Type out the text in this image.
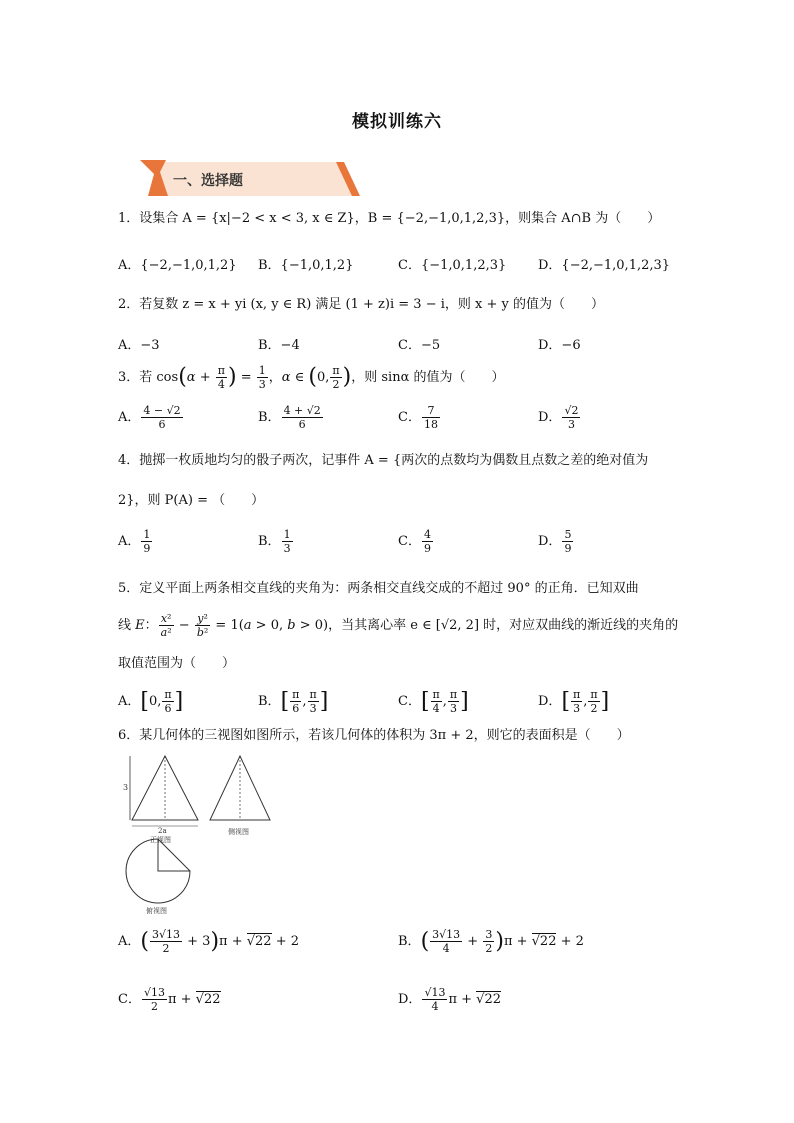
模拟训练六
一、选择题
1．设集合 A = {x|−2 < x < 3, x ∈ Z}，B = {−2,−1,0,1,2,3}，则集合 A∩B 为（　　）
A．{−2,−1,0,1,2} B．{−1,0,1,2}	C．{−1,0,1,2,3} D．{−2,−1,0,1,2,3}
2．若复数 z = x + yi (x, y ∈ R) 满足 (1 + z)i = 3 − i，则 x + y 的值为（　　）
A．−3	B．−4	C．−5	D．−6
3．若 $\cos(\alpha + \frac{\pi}{4}$ ) = $\frac{1}{3}$ ，α ∈ (0, $\frac{\pi}{2}$ )，则 sinα 的值为（　　）
A． $\frac{4 - √2}{6}$	B． $\frac{4 + √2}{6}$	C． $\frac{7}{18}$	D． $\frac{√2}{3}$
4．抛掷一枚质地均匀的骰子两次，记事件 A = {两次的点数均为偶数且点数之差的绝对值为
2}，则 P(A) = （　　）
A． $\frac{1}{9}$	B． $\frac{1}{3}$	C． $\frac{4}{9}$	D． $\frac{5}{9}$
5．定义平面上两条相交直线的夹角为：两条相交直线交成的不超过 90° 的正角．已知双曲
线 E： $\frac{\text{x²}}{\text{a²}} - \frac{\text{y²}}{\text{b²}} = 1(a > 0$, b > 0)，当其离心率 e ∈ [√2, 2] 时，对应双曲线的渐近线的夹角的
取值范围为（　　）
A．[0, $\frac{\pi}{6}$ ]	B．[ $\frac{\pi}{6}$ , $\frac{\pi}{3}$ ]	C．[ $\frac{\pi}{4}$ , $\frac{\pi}{3}$ ]	D．[ $\frac{\pi}{3}$ , $\frac{\pi}{2}$ ]
6．某几何体的三视图如图所示，若该几何体的体积为 3π + 2，则它的表面积是（　　）
3
2a
正视图
侧视图
俯视图
A．( $\frac{3√13}{2} + 3)\pi + √22 + 2$	B．( $\frac{3√13}{4} + \frac{3}{2} )\pi + √22 + 2$
C． $\frac{√13}{2}$ π + √22	D． $\frac{√13}{4}$ π + √22
